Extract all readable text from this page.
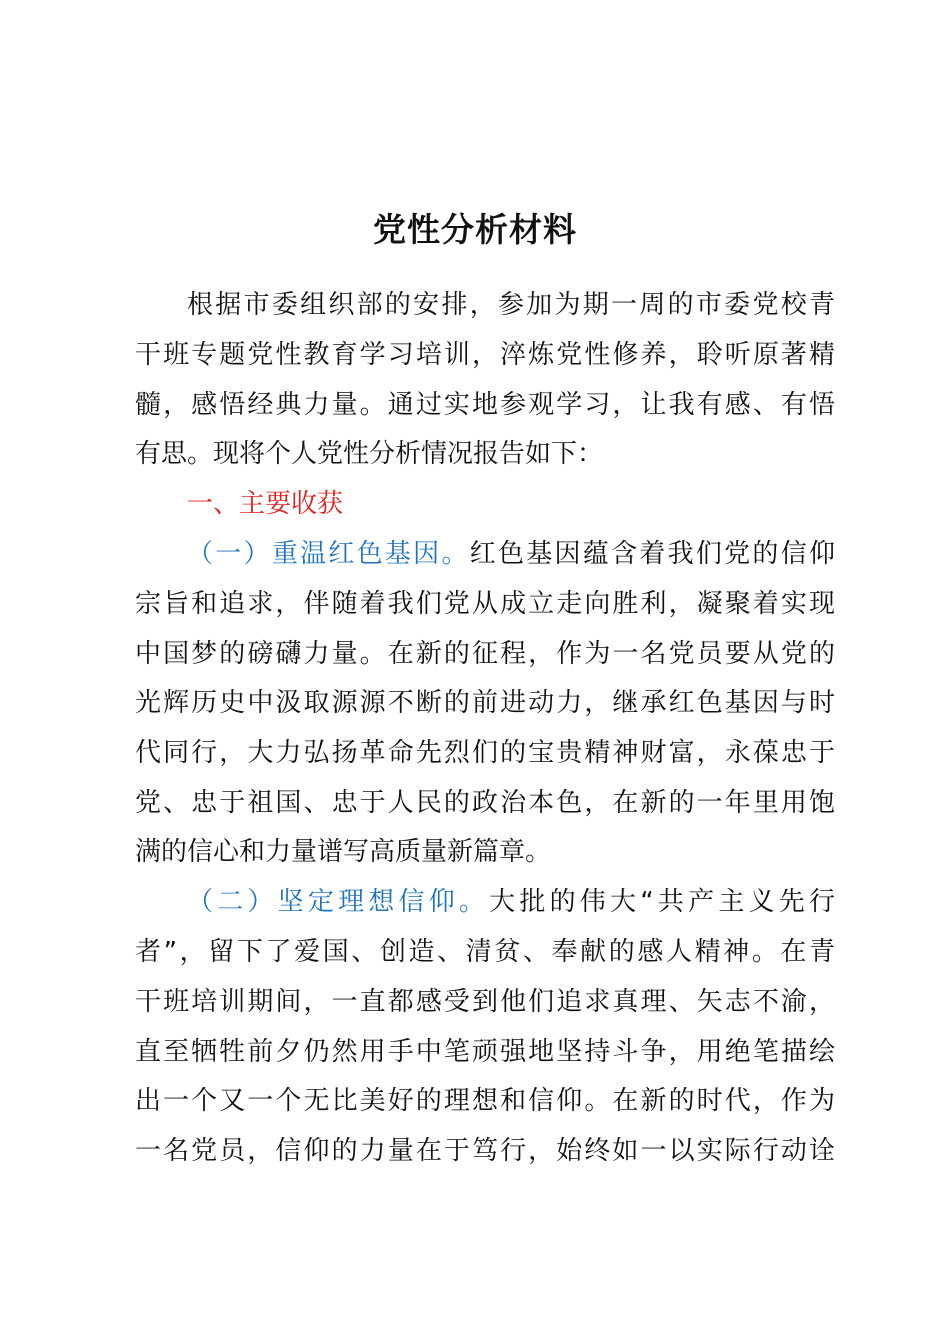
党性分析材料
根据市委组织部的安排，参加为期一周的市委党校青
干班专题党性教育学习培训，淬炼党性修养，聆听原著精
髓，感悟经典力量。通过实地参观学习，让我有感、有悟
有思。现将个人党性分析情况报告如下：
一、主要收获
（一）重温红色基因。红色基因蕴含着我们党的信仰
宗旨和追求，伴随着我们党从成立走向胜利，凝聚着实现
中国梦的磅礴力量。在新的征程，作为一名党员要从党的
光辉历史中汲取源源不断的前进动力，继承红色基因与时
代同行，大力弘扬革命先烈们的宝贵精神财富，永葆忠于
党、忠于祖国、忠于人民的政治本色，在新的一年里用饱
满的信心和力量谱写高质量新篇章。
（二）坚定理想信仰。大批的伟大“共产主义先行
者”，留下了爱国、创造、清贫、奉献的感人精神。在青
干班培训期间，一直都感受到他们追求真理、矢志不渝，
直至牺牲前夕仍然用手中笔顽强地坚持斗争，用绝笔描绘
出一个又一个无比美好的理想和信仰。在新的时代，作为
一名党员，信仰的力量在于笃行，始终如一以实际行动诠
